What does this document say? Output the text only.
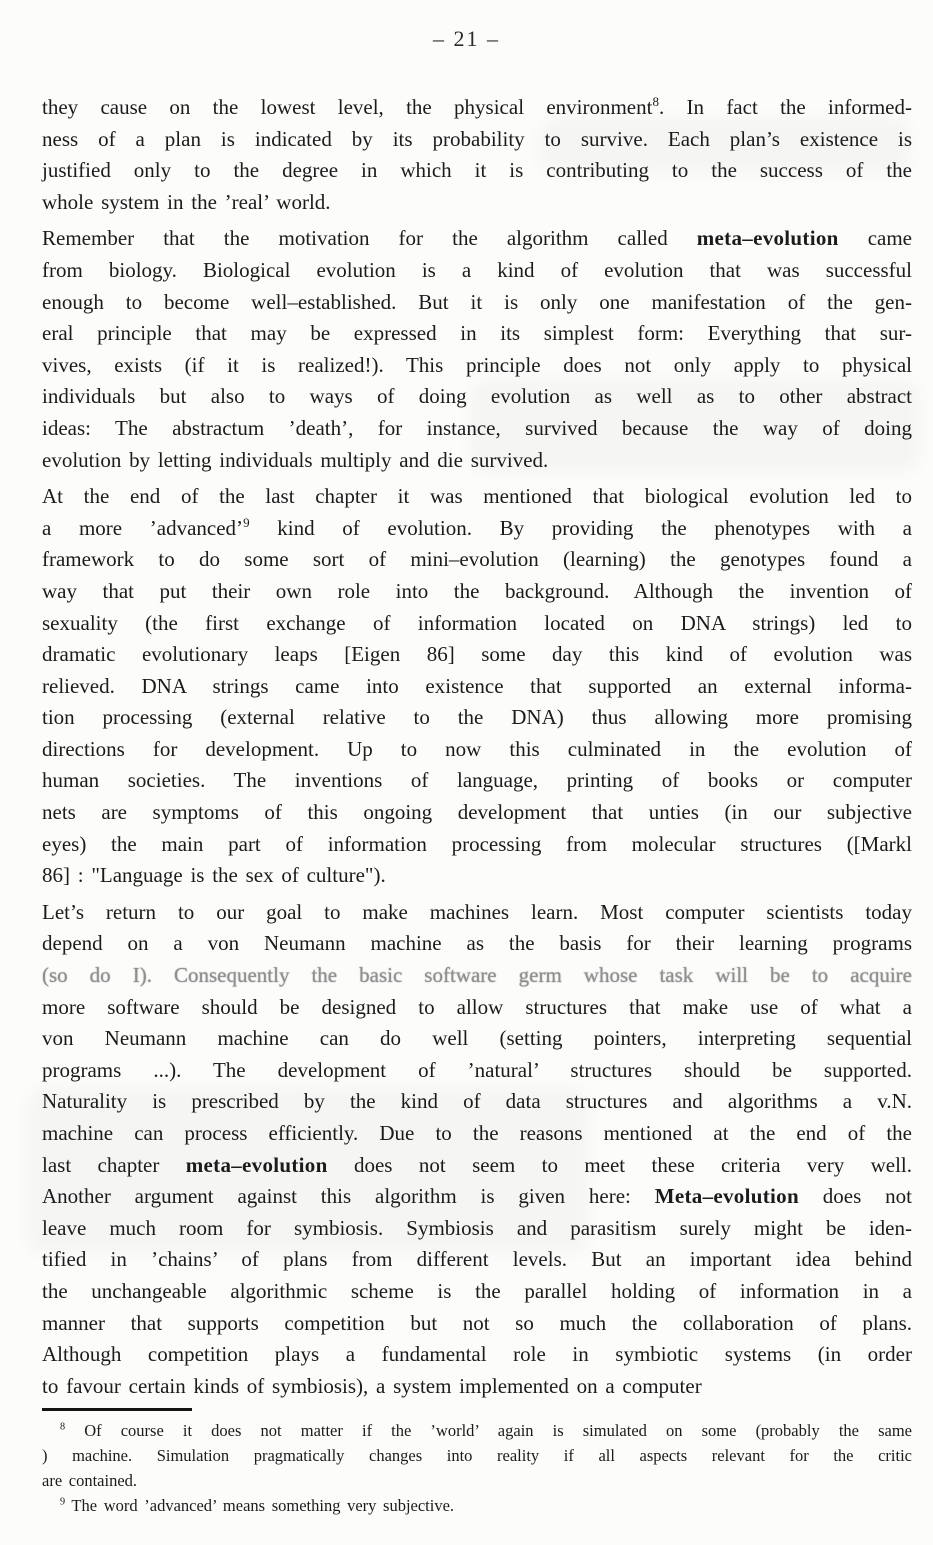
– 21 –
they cause on the lowest level, the physical environment$^8$. In fact the informed-
ness of a plan is indicated by its probability to survive. Each plan’s existence is
justified only to the degree in which it is contributing to the success of the
whole system in the ’real’ world.
Remember that the motivation for the algorithm called meta–evolution came
from biology. Biological evolution is a kind of evolution that was successful
enough to become well–established. But it is only one manifestation of the gen-
eral principle that may be expressed in its simplest form: Everything that sur-
vives, exists (if it is realized!). This principle does not only apply to physical
individuals but also to ways of doing evolution as well as to other abstract
ideas: The abstractum ’death’, for instance, survived because the way of doing
evolution by letting individuals multiply and die survived.
At the end of the last chapter it was mentioned that biological evolution led to
a more ’advanced’$^9$ kind of evolution. By providing the phenotypes with a
framework to do some sort of mini–evolution (learning) the genotypes found a
way that put their own role into the background. Although the invention of
sexuality (the first exchange of information located on DNA strings) led to
dramatic evolutionary leaps [Eigen 86] some day this kind of evolution was
relieved. DNA strings came into existence that supported an external informa-
tion processing (external relative to the DNA) thus allowing more promising
directions for development. Up to now this culminated in the evolution of
human societies. The inventions of language, printing of books or computer
nets are symptoms of this ongoing development that unties (in our subjective
eyes) the main part of information processing from molecular structures ([Markl
86] : "Language is the sex of culture").
Let’s return to our goal to make machines learn. Most computer scientists today
depend on a von Neumann machine as the basis for their learning programs
(so do I). Consequently the basic software germ whose task will be to acquire
more software should be designed to allow structures that make use of what a
von Neumann machine can do well (setting pointers, interpreting sequential
programs ...). The development of ’natural’ structures should be supported.
Naturality is prescribed by the kind of data structures and algorithms a v.N.
machine can process efficiently. Due to the reasons mentioned at the end of the
last chapter meta–evolution does not seem to meet these criteria very well.
Another argument against this algorithm is given here: Meta–evolution does not
leave much room for symbiosis. Symbiosis and parasitism surely might be iden-
tified in ’chains’ of plans from different levels. But an important idea behind
the unchangeable algorithmic scheme is the parallel holding of information in a
manner that supports competition but not so much the collaboration of plans.
Although competition plays a fundamental role in symbiotic systems (in order
to favour certain kinds of symbiosis), a system implemented on a computer
$^8$ Of course it does not matter if the ’world’ again is simulated on some (probably the same
) machine. Simulation pragmatically changes into reality if all aspects relevant for the critic
are contained.
$^9$ The word ’advanced’ means something very subjective.
